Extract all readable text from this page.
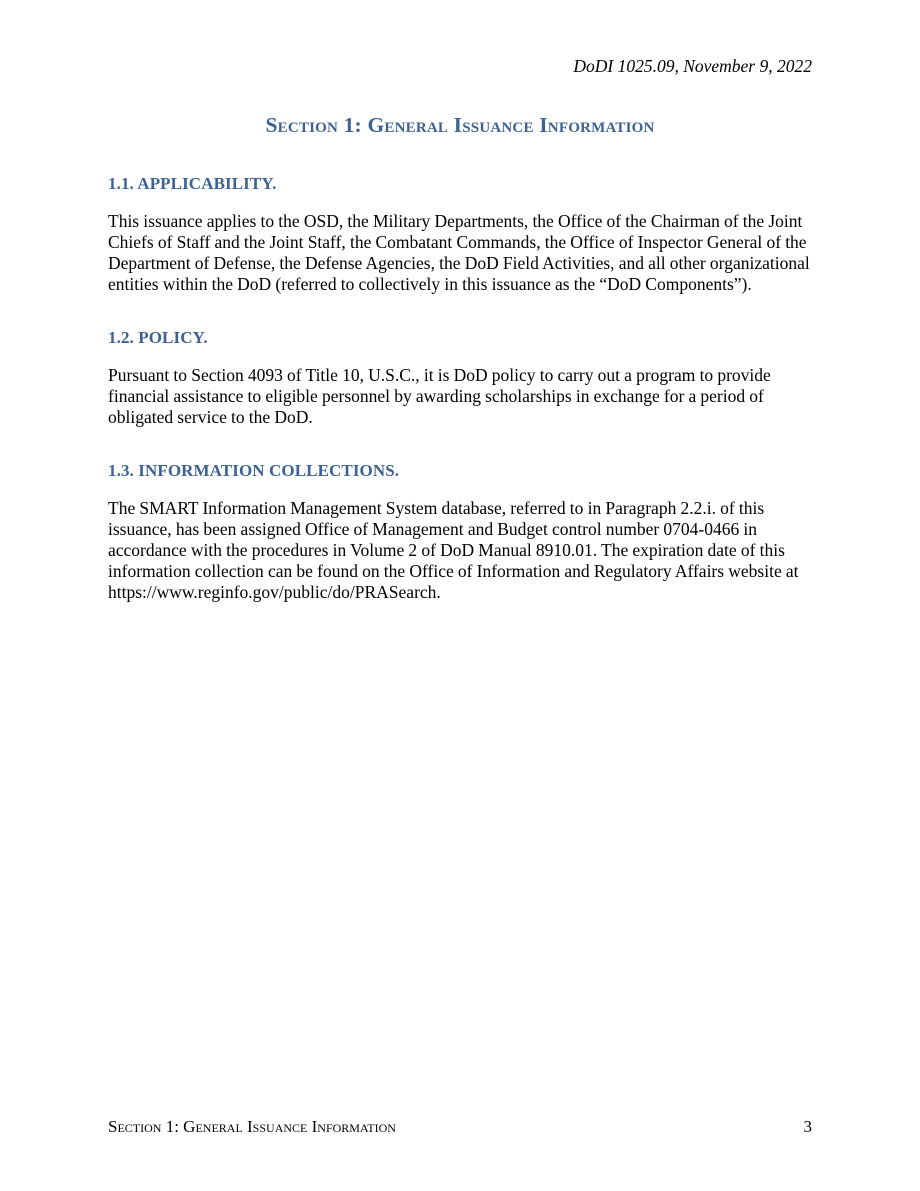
DoDI 1025.09, November 9, 2022
Section 1: General Issuance Information
1.1. APPLICABILITY.

This issuance applies to the OSD, the Military Departments, the Office of the Chairman of the Joint Chiefs of Staff and the Joint Staff, the Combatant Commands, the Office of Inspector General of the Department of Defense, the Defense Agencies, the DoD Field Activities, and all other organizational entities within the DoD (referred to collectively in this issuance as the “DoD Components”).

1.2. POLICY.

Pursuant to Section 4093 of Title 10, U.S.C., it is DoD policy to carry out a program to provide financial assistance to eligible personnel by awarding scholarships in exchange for a period of obligated service to the DoD.

1.3. INFORMATION COLLECTIONS.

The SMART Information Management System database, referred to in Paragraph 2.2.i. of this issuance, has been assigned Office of Management and Budget control number 0704-0466 in accordance with the procedures in Volume 2 of DoD Manual 8910.01. The expiration date of this information collection can be found on the Office of Information and Regulatory Affairs website at https://www.reginfo.gov/public/do/PRASearch.

Section 1: General Issuance Information	3
